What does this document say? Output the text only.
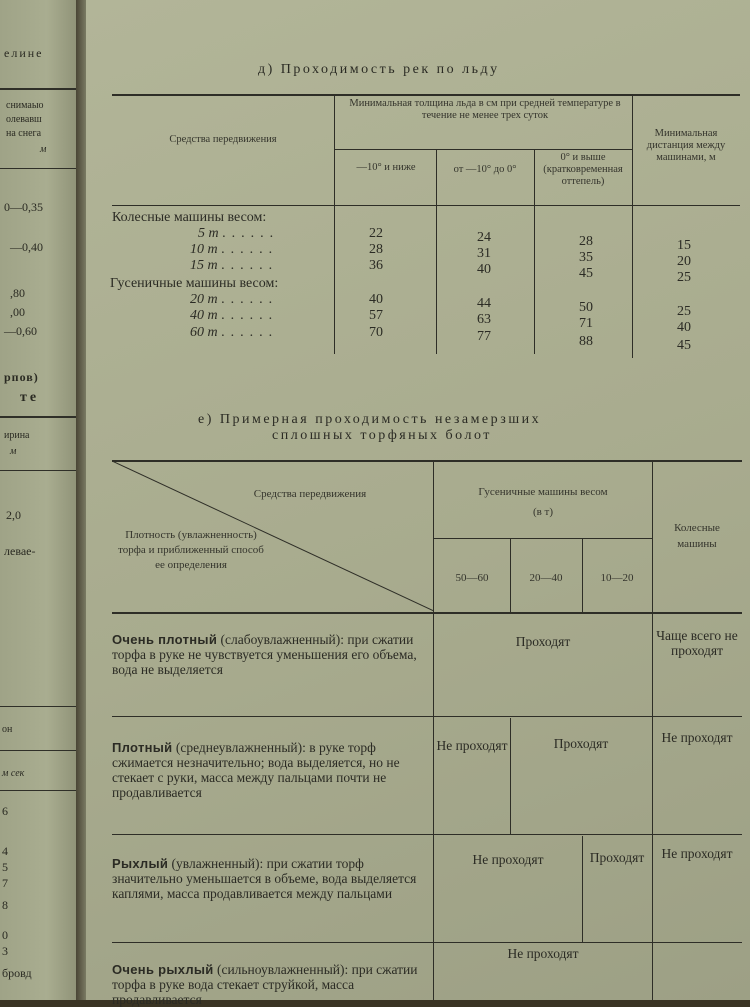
елине
снимаыо
олевавш
на снега
м
0—0,35
—0,40
,80
,00
—0,60
рпов)
те
ирина
м
2,0
левае-
он
м сек
6
4
5
7
8
0
3
бровд
д) Проходимость рек по льду
Средства передвижения
Минимальная толщина льда в см при средней температуре в течение не менее трех суток
—10° и ниже	от —10° до 0°
0° и выше (кратковременная оттепель)
Минимальная дистанция между машинами, м
Колесные машины весом:
5 т ......	22	24	28	15
10 т ......	28	31	35	20
15 т ......	36	40	45	25
Гусеничные машины весом:
20 т ......	40	44	50	25
40 т ......	57	63	71	40
60 т ......	70	77	88	45
е) Примерная проходимость незамерзших
сплошных торфяных болот
Средства передвижения
Плотность (увлажненность) торфа и приближенный способ ее определения
Гусеничные машины весом
(в т)
50—60	20—40	10—20
Колесные машины
Очень плотный (слабоувлажненный): при сжатии торфа в руке не чувствуется уменьшения его объема, вода не выделяется
Проходят	Чаще всего не проходят
Плотный (среднеувлажненный): в руке торф сжимается незначительно; вода выделяется, но не стекает с руки, масса между пальцами почти не продавливается
Не проходят	Проходят	Не проходят
Рыхлый (увлажненный): при сжатии торф значительно уменьшается в объеме, вода выделяется каплями, масса продавливается между пальцами
Не проходят	Проходят	Не проходят
Очень рыхлый (сильноувлажненный): при сжатии торфа в руке вода стекает струйкой, масса продавливается
Не проходят
